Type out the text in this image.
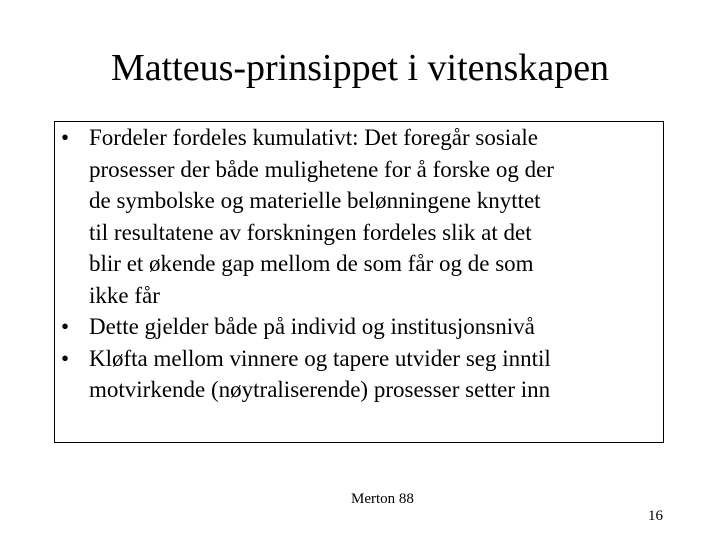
Matteus-prinsippet i vitenskapen
• Fordeler fordeles kumulativt: Det foregår sosiale
prosesser der både mulighetene for å forske og der
de symbolske og materielle belønningene knyttet
til resultatene av forskningen fordeles slik at det
blir et økende gap mellom de som får og de som
ikke får
• Dette gjelder både på individ og institusjonsnivå
• Kløfta mellom vinnere og tapere utvider seg inntil
motvirkende (nøytraliserende) prosesser setter inn
Merton 88
16
